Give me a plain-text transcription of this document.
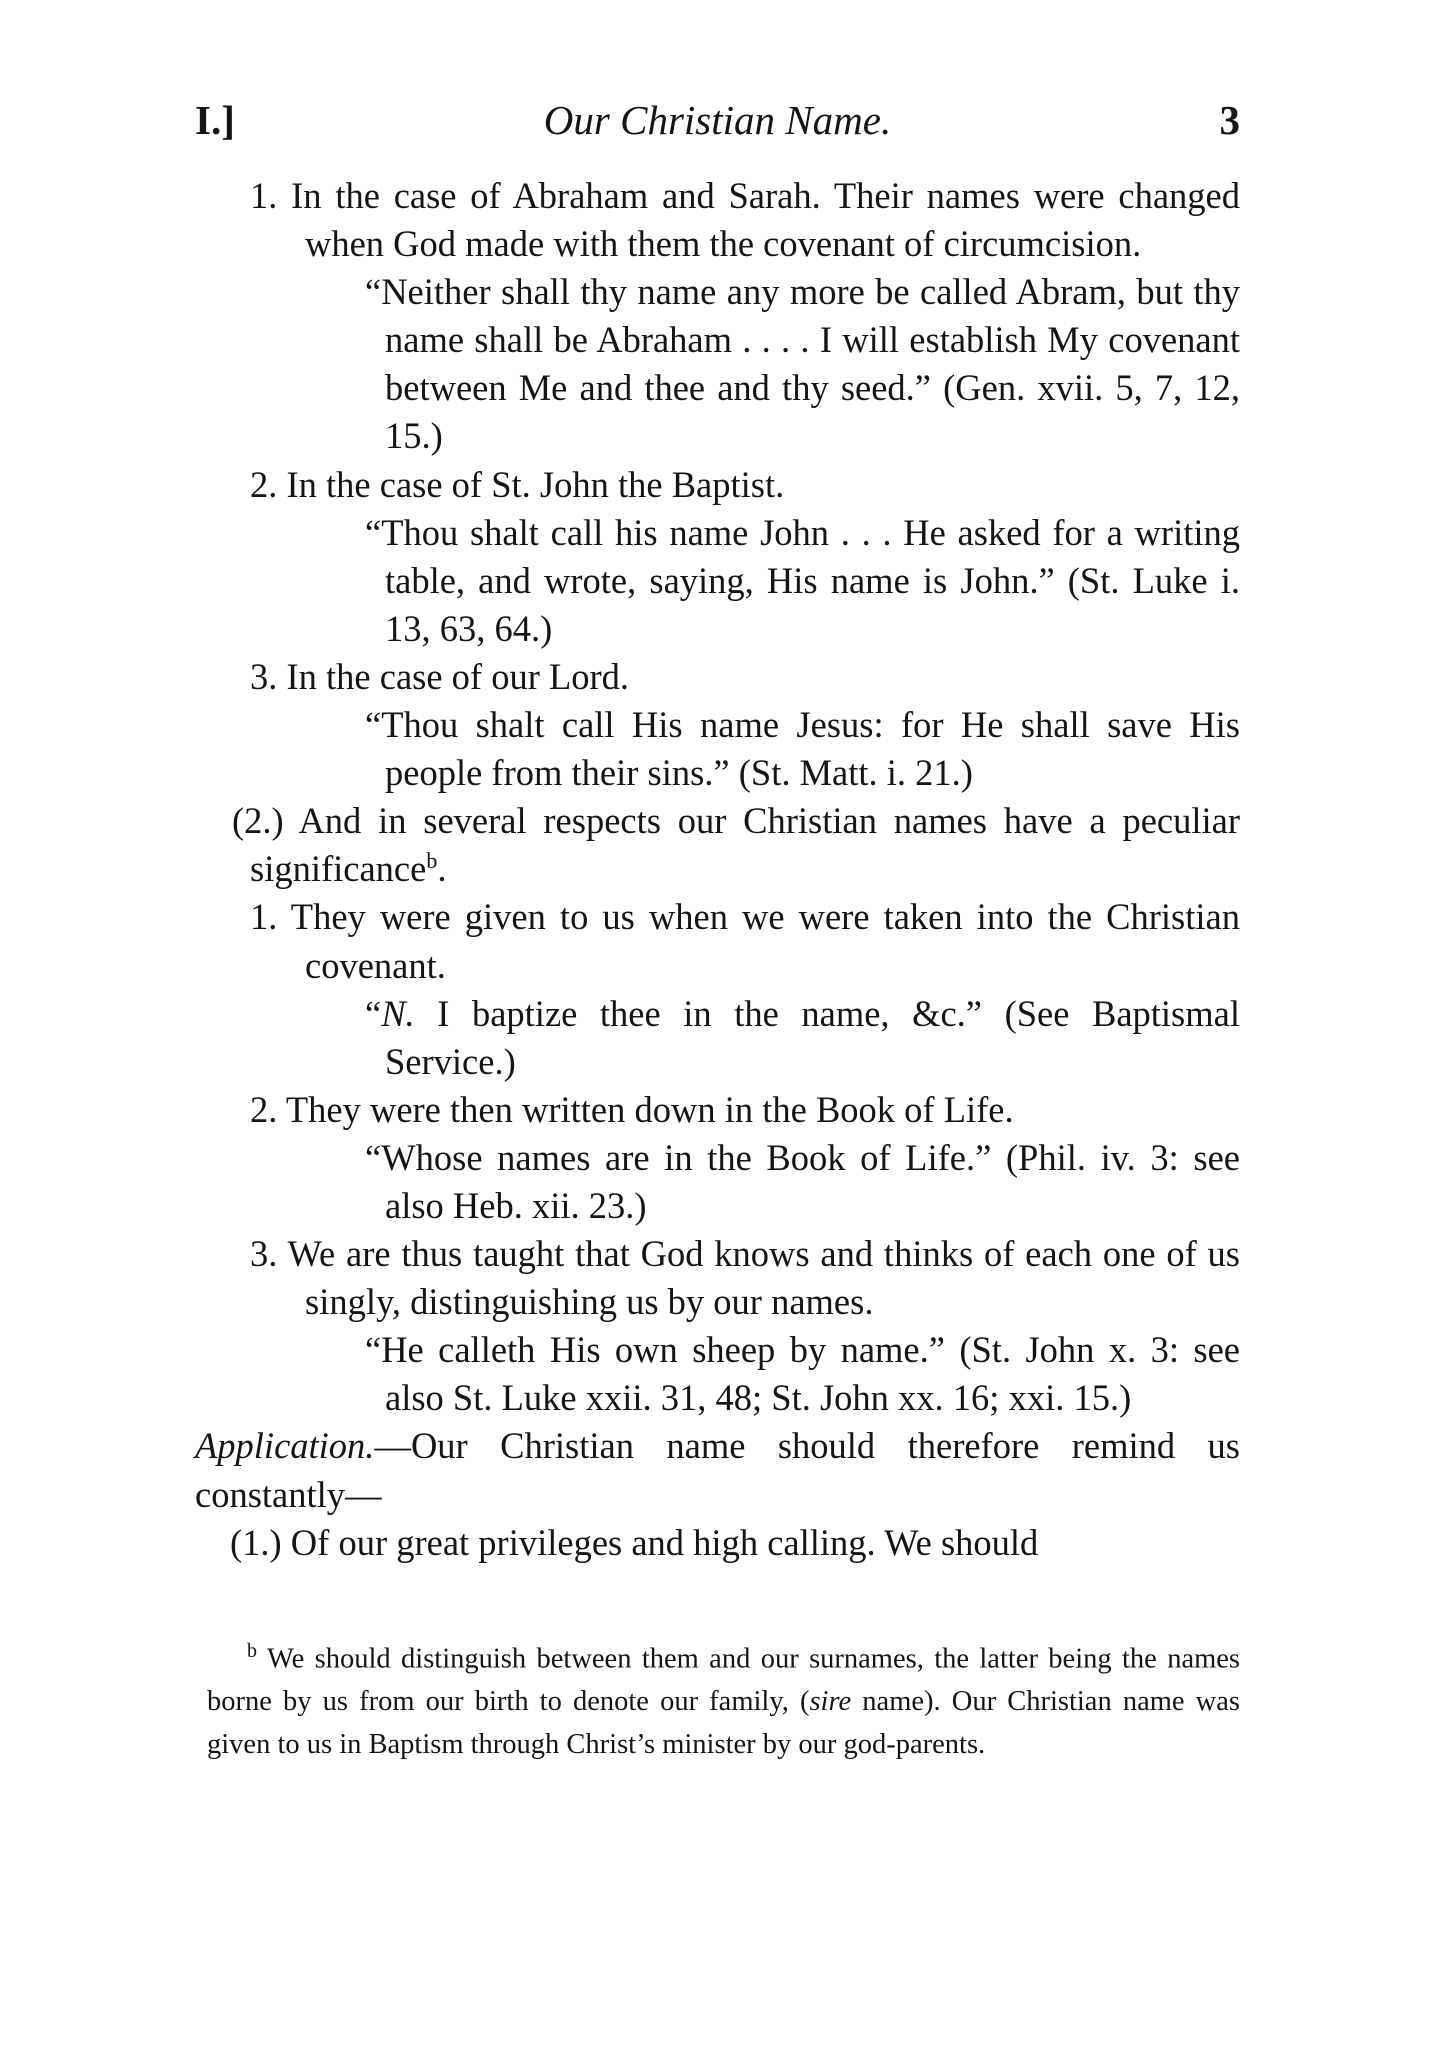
I.]	Our Christian Name.	3

1. In the case of Abraham and Sarah. Their names were changed when God made with them the covenant of circumcision.

“Neither shall thy name any more be called Abram, but thy name shall be Abraham . . . . I will establish My covenant between Me and thee and thy seed.” (Gen. xvii. 5, 7, 12, 15.)

2. In the case of St. John the Baptist.

“Thou shalt call his name John . . . He asked for a writing table, and wrote, saying, His name is John.” (St. Luke i. 13, 63, 64.)

3. In the case of our Lord.

“Thou shalt call His name Jesus: for He shall save His people from their sins.” (St. Matt. i. 21.)

(2.) And in several respects our Christian names have a peculiar significance$^b$.

1. They were given to us when we were taken into the Christian covenant.

“N. I baptize thee in the name, &c.” (See Baptismal Service.)

2. They were then written down in the Book of Life.

“Whose names are in the Book of Life.” (Phil. iv. 3: see also Heb. xii. 23.)

3. We are thus taught that God knows and thinks of each one of us singly, distinguishing us by our names.

“He calleth His own sheep by name.” (St. John x. 3: see also St. Luke xxii. 31, 48; St. John xx. 16; xxi. 15.)

Application.—Our Christian name should therefore remind us constantly—

(1.) Of our great privileges and high calling. We should

$^b$ We should distinguish between them and our surnames, the latter being the names borne by us from our birth to denote our family, (sire name). Our Christian name was given to us in Baptism through Christ’s minister by our god-parents.
